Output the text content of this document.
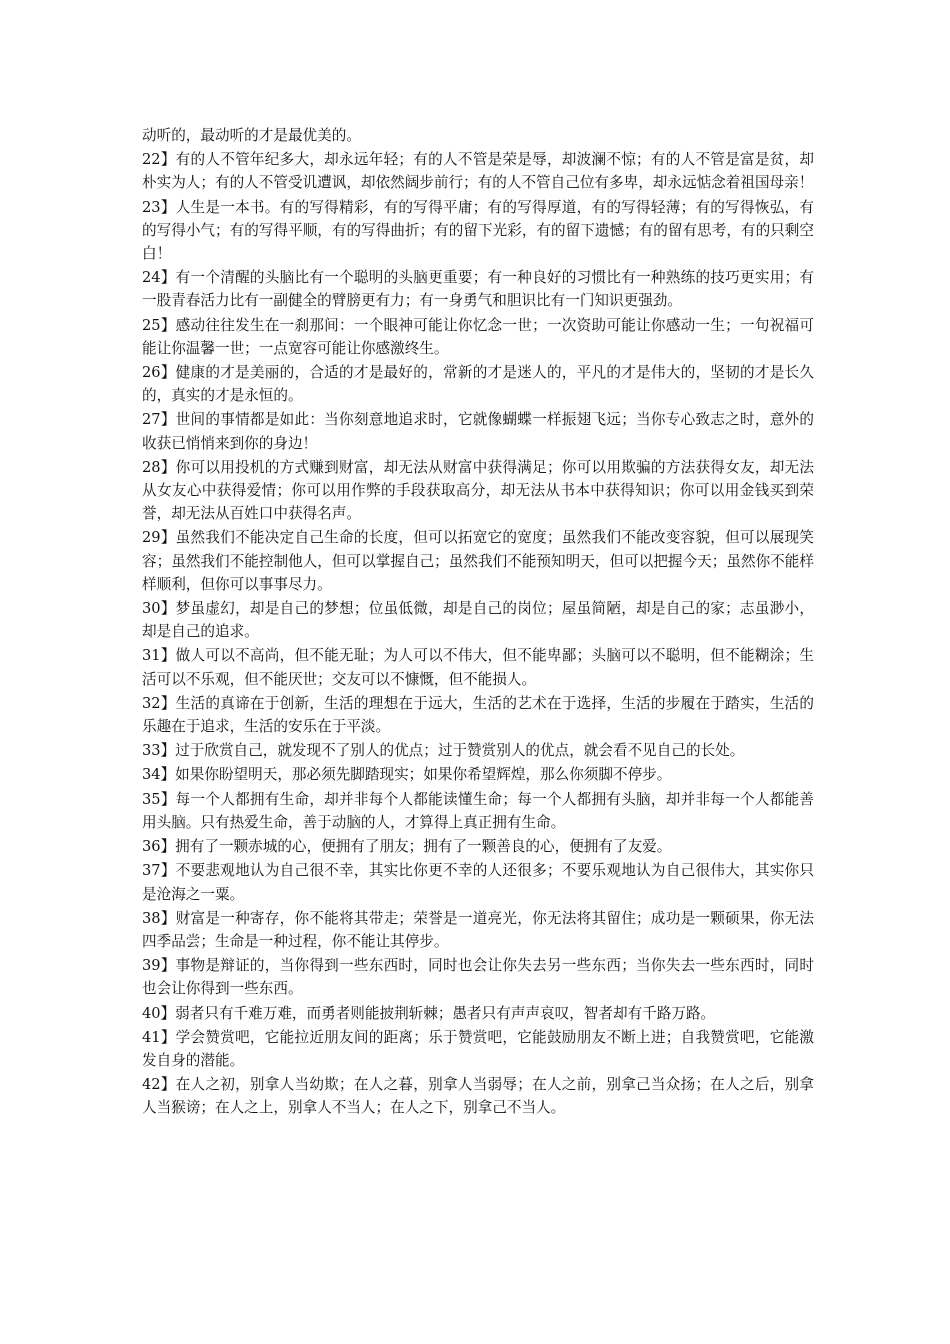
动听的，最动听的才是最优美的。

22】有的人不管年纪多大，却永远年轻；有的人不管是荣是辱，却波澜不惊；有的人不管是富是贫，却朴实为人；有的人不管受讥遭讽，却依然阔步前行；有的人不管自己位有多卑，却永远惦念着祖国母亲！

23】人生是一本书。有的写得精彩，有的写得平庸；有的写得厚道，有的写得轻薄；有的写得恢弘，有的写得小气；有的写得平顺，有的写得曲折；有的留下光彩，有的留下遗憾；有的留有思考，有的只剩空白！

24】有一个清醒的头脑比有一个聪明的头脑更重要；有一种良好的习惯比有一种熟练的技巧更实用；有一股青春活力比有一副健全的臂膀更有力；有一身勇气和胆识比有一门知识更强劲。

25】感动往往发生在一刹那间：一个眼神可能让你忆念一世；一次资助可能让你感动一生；一句祝福可能让你温馨一世；一点宽容可能让你感激终生。

26】健康的才是美丽的，合适的才是最好的，常新的才是迷人的，平凡的才是伟大的，坚韧的才是长久的，真实的才是永恒的。

27】世间的事情都是如此：当你刻意地追求时，它就像蝴蝶一样振翅飞远；当你专心致志之时，意外的收获已悄悄来到你的身边！

28】你可以用投机的方式赚到财富，却无法从财富中获得满足；你可以用欺骗的方法获得女友，却无法从女友心中获得爱情；你可以用作弊的手段获取高分，却无法从书本中获得知识；你可以用金钱买到荣誉，却无法从百姓口中获得名声。

29】虽然我们不能决定自己生命的长度，但可以拓宽它的宽度；虽然我们不能改变容貌，但可以展现笑容；虽然我们不能控制他人，但可以掌握自己；虽然我们不能预知明天，但可以把握今天；虽然你不能样样顺利，但你可以事事尽力。

30】梦虽虚幻，却是自己的梦想；位虽低微，却是自己的岗位；屋虽简陋，却是自己的家；志虽渺小，却是自己的追求。

31】做人可以不高尚，但不能无耻；为人可以不伟大，但不能卑鄙；头脑可以不聪明，但不能糊涂；生活可以不乐观，但不能厌世；交友可以不慷慨，但不能损人。

32】生活的真谛在于创新，生活的理想在于远大，生活的艺术在于选择，生活的步履在于踏实，生活的乐趣在于追求，生活的安乐在于平淡。

33】过于欣赏自己，就发现不了别人的优点；过于赞赏别人的优点，就会看不见自己的长处。

34】如果你盼望明天，那必须先脚踏现实；如果你希望辉煌，那么你须脚不停步。

35】每一个人都拥有生命，却并非每个人都能读懂生命；每一个人都拥有头脑，却并非每一个人都能善用头脑。只有热爱生命，善于动脑的人，才算得上真正拥有生命。

36】拥有了一颗赤城的心，便拥有了朋友；拥有了一颗善良的心，便拥有了友爱。

37】不要悲观地认为自己很不幸，其实比你更不幸的人还很多；不要乐观地认为自己很伟大，其实你只是沧海之一粟。

38】财富是一种寄存，你不能将其带走；荣誉是一道亮光，你无法将其留住；成功是一颗硕果，你无法四季品尝；生命是一种过程，你不能让其停步。

39】事物是辩证的，当你得到一些东西时，同时也会让你失去另一些东西；当你失去一些东西时，同时也会让你得到一些东西。

40】弱者只有千难万难，而勇者则能披荆斩棘；愚者只有声声哀叹，智者却有千路万路。

41】学会赞赏吧，它能拉近朋友间的距离；乐于赞赏吧，它能鼓励朋友不断上进；自我赞赏吧，它能激发自身的潜能。

42】在人之初，别拿人当幼欺；在人之暮，别拿人当弱辱；在人之前，别拿己当众扬；在人之后，别拿人当猴谤；在人之上，别拿人不当人；在人之下，别拿己不当人。
